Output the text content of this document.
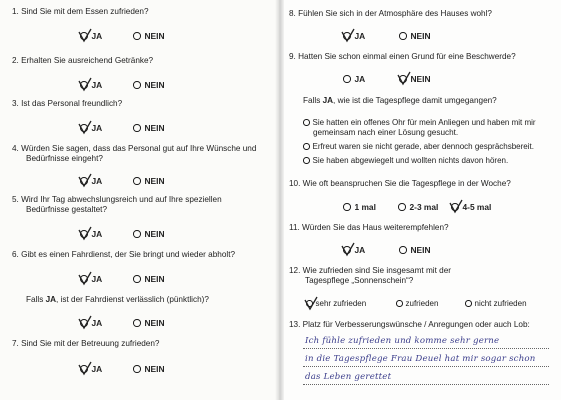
1. Sind Sie mit dem Essen zufrieden?
JA	NEIN
2. Erhalten Sie ausreichend Getränke?
JA	NEIN
3. Ist das Personal freundlich?
JA	NEIN
4. Würden Sie sagen, dass das Personal gut auf Ihre Wünsche und
Bedürfnisse eingeht?
JA	NEIN
5. Wird Ihr Tag abwechslungsreich und auf Ihre speziellen
Bedürfnisse gestaltet?
JA	NEIN
6. Gibt es einen Fahrdienst, der Sie bringt und wieder abholt?
JA	NEIN
Falls JA, ist der Fahrdienst verlässlich (pünktlich)?
JA	NEIN
7. Sind Sie mit der Betreuung zufrieden?
JA	NEIN
8. Fühlen Sie sich in der Atmosphäre des Hauses wohl?
JA	NEIN
9. Hatten Sie schon einmal einen Grund für eine Beschwerde?
JA	NEIN
Falls JA, wie ist die Tagespflege damit umgegangen?
Sie hatten ein offenes Ohr für mein Anliegen und haben mit mir
gemeinsam nach einer Lösung gesucht.
Erfreut waren sie nicht gerade, aber dennoch gesprächsbereit.
Sie haben abgewiegelt und wollten nichts davon hören.
10. Wie oft beanspruchen Sie die Tagespflege in der Woche?
1 mal	2-3 mal	4-5 mal
11. Würden Sie das Haus weiterempfehlen?
JA	NEIN
12. Wie zufrieden sind Sie insgesamt mit der
Tagespflege „Sonnenschein“?
sehr zufrieden	zufrieden	nicht zufrieden
13. Platz für Verbesserungswünsche / Anregungen oder auch Lob:
Ich fühle zufrieden und komme sehr gerne
in die Tagespflege Frau Deuel hat mir sogar schon
das Leben gerettet
